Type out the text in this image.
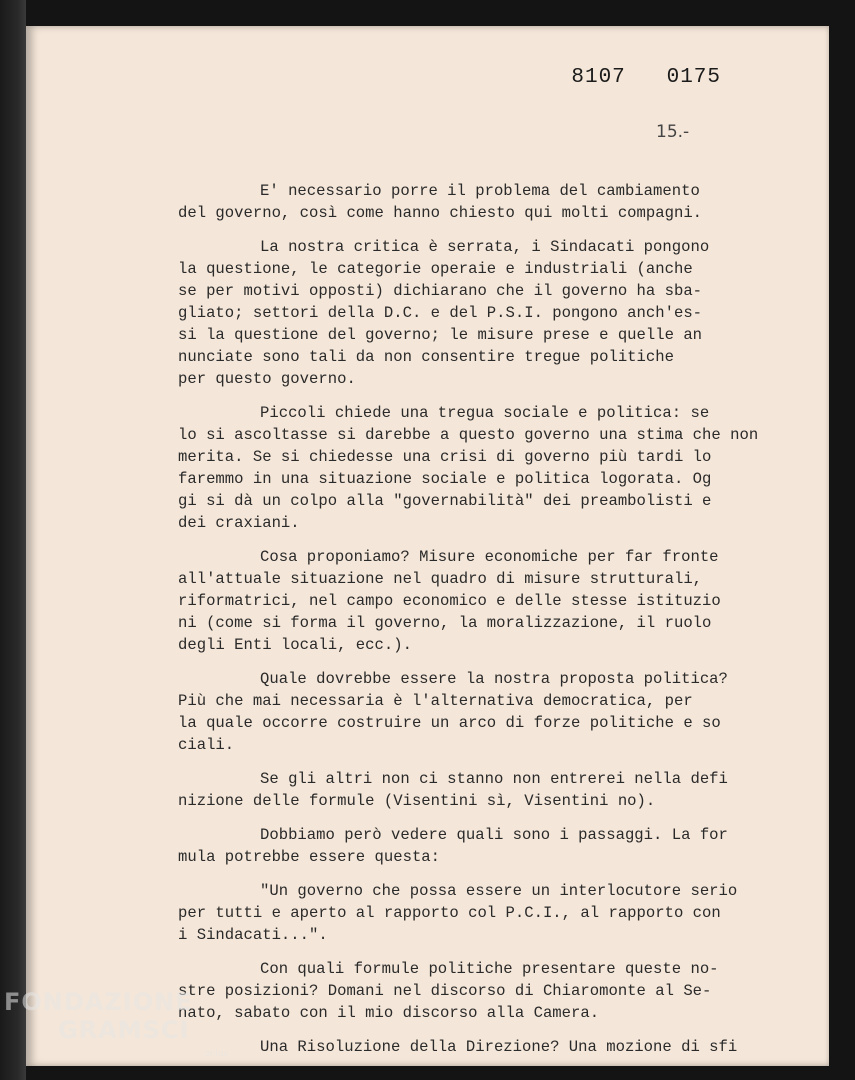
8107   0175
15.-
E' necessario porre il problema del cambiamento
del governo, così come hanno chiesto qui molti compagni.
La nostra critica è serrata, i Sindacati pongono
la questione, le categorie operaie e industriali (anche
se per motivi opposti) dichiarano che il governo ha sba-
gliato; settori della D.C. e del P.S.I. pongono anch'es-
si la questione del governo; le misure prese e quelle an
nunciate sono tali da non consentire tregue politiche
per questo governo.
Piccoli chiede una tregua sociale e politica: se
lo si ascoltasse si darebbe a questo governo una stima che non
merita. Se si chiedesse una crisi di governo più tardi lo
faremmo in una situazione sociale e politica logorata. Og
gi si dà un colpo alla "governabilità" dei preambolisti e
dei craxiani.
Cosa proponiamo? Misure economiche per far fronte
all'attuale situazione nel quadro di misure strutturali,
riformatrici, nel campo economico e delle stesse istituzio
ni (come si forma il governo, la moralizzazione, il ruolo
degli Enti locali, ecc.).
Quale dovrebbe essere la nostra proposta politica?
Più che mai necessaria è l'alternativa democratica, per
la quale occorre costruire un arco di forze politiche e so
ciali.
Se gli altri non ci stanno non entrerei nella defi
nizione delle formule (Visentini sì, Visentini no).
Dobbiamo però vedere quali sono i passaggi. La for
mula potrebbe essere questa:
"Un governo che possa essere un interlocutore serio
per tutti e aperto al rapporto col P.C.I., al rapporto con
i Sindacati...".
Con quali formule politiche presentare queste no-
stre posizioni? Domani nel discorso di Chiaromonte al Se-
nato, sabato con il mio discorso alla Camera.
Una Risoluzione della Direzione? Una mozione di sfi
FONDAZIONE
GRAMSCI
onlus
